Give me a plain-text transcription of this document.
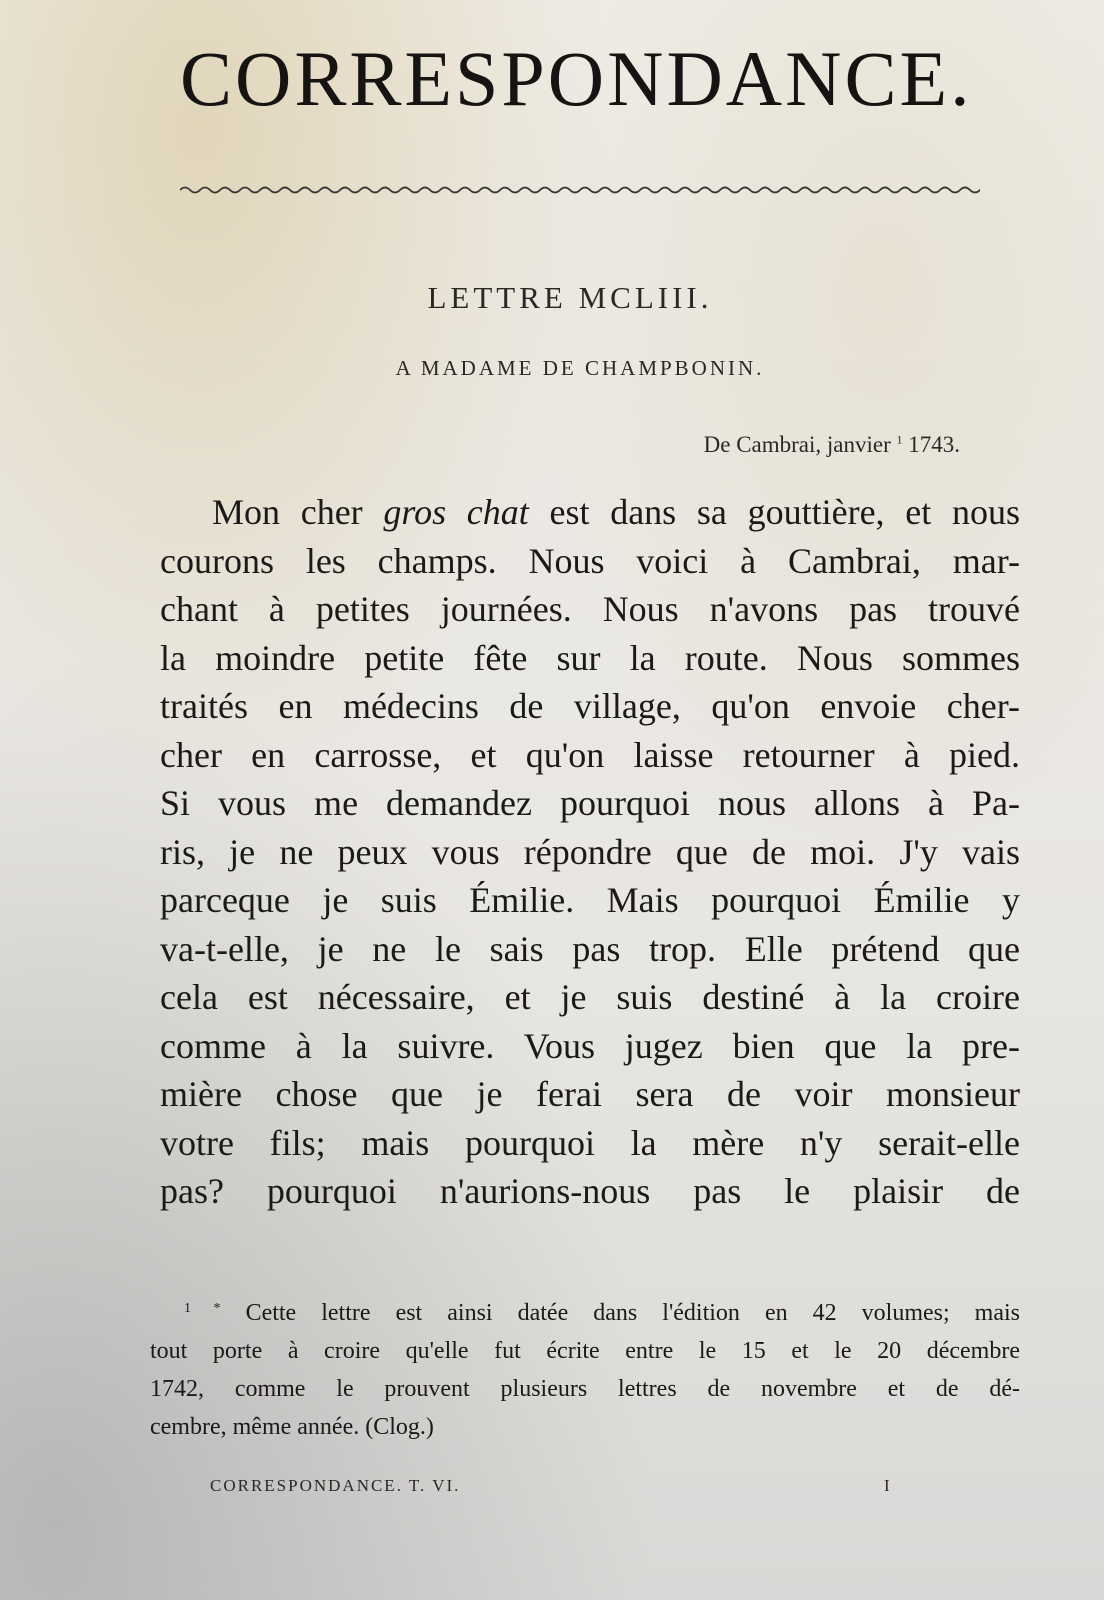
CORRESPONDANCE.
LETTRE MCLIII.
A MADAME DE CHAMPBONIN.
De Cambrai, janvier $^1$ 1743.
Mon cher gros chat est dans sa gouttière, et nous
courons les champs. Nous voici à Cambrai, mar-
chant à petites journées. Nous n'avons pas trouvé
la moindre petite fête sur la route. Nous sommes
traités en médecins de village, qu'on envoie cher-
cher en carrosse, et qu'on laisse retourner à pied.
Si vous me demandez pourquoi nous allons à Pa-
ris, je ne peux vous répondre que de moi. J'y vais
parceque je suis Émilie. Mais pourquoi Émilie y
va-t-elle, je ne le sais pas trop. Elle prétend que
cela est nécessaire, et je suis destiné à la croire
comme à la suivre. Vous jugez bien que la pre-
mière chose que je ferai sera de voir monsieur
votre fils; mais pourquoi la mère n'y serait-elle
pas? pourquoi n'aurions-nous pas le plaisir de
$^{1 *}$ Cette lettre est ainsi datée dans l'édition en 42 volumes; mais
tout porte à croire qu'elle fut écrite entre le 15 et le 20 décembre
1742, comme le prouvent plusieurs lettres de novembre et de dé-
cembre, même année. (Clog.)
CORRESPONDANCE. T. VI.	I
